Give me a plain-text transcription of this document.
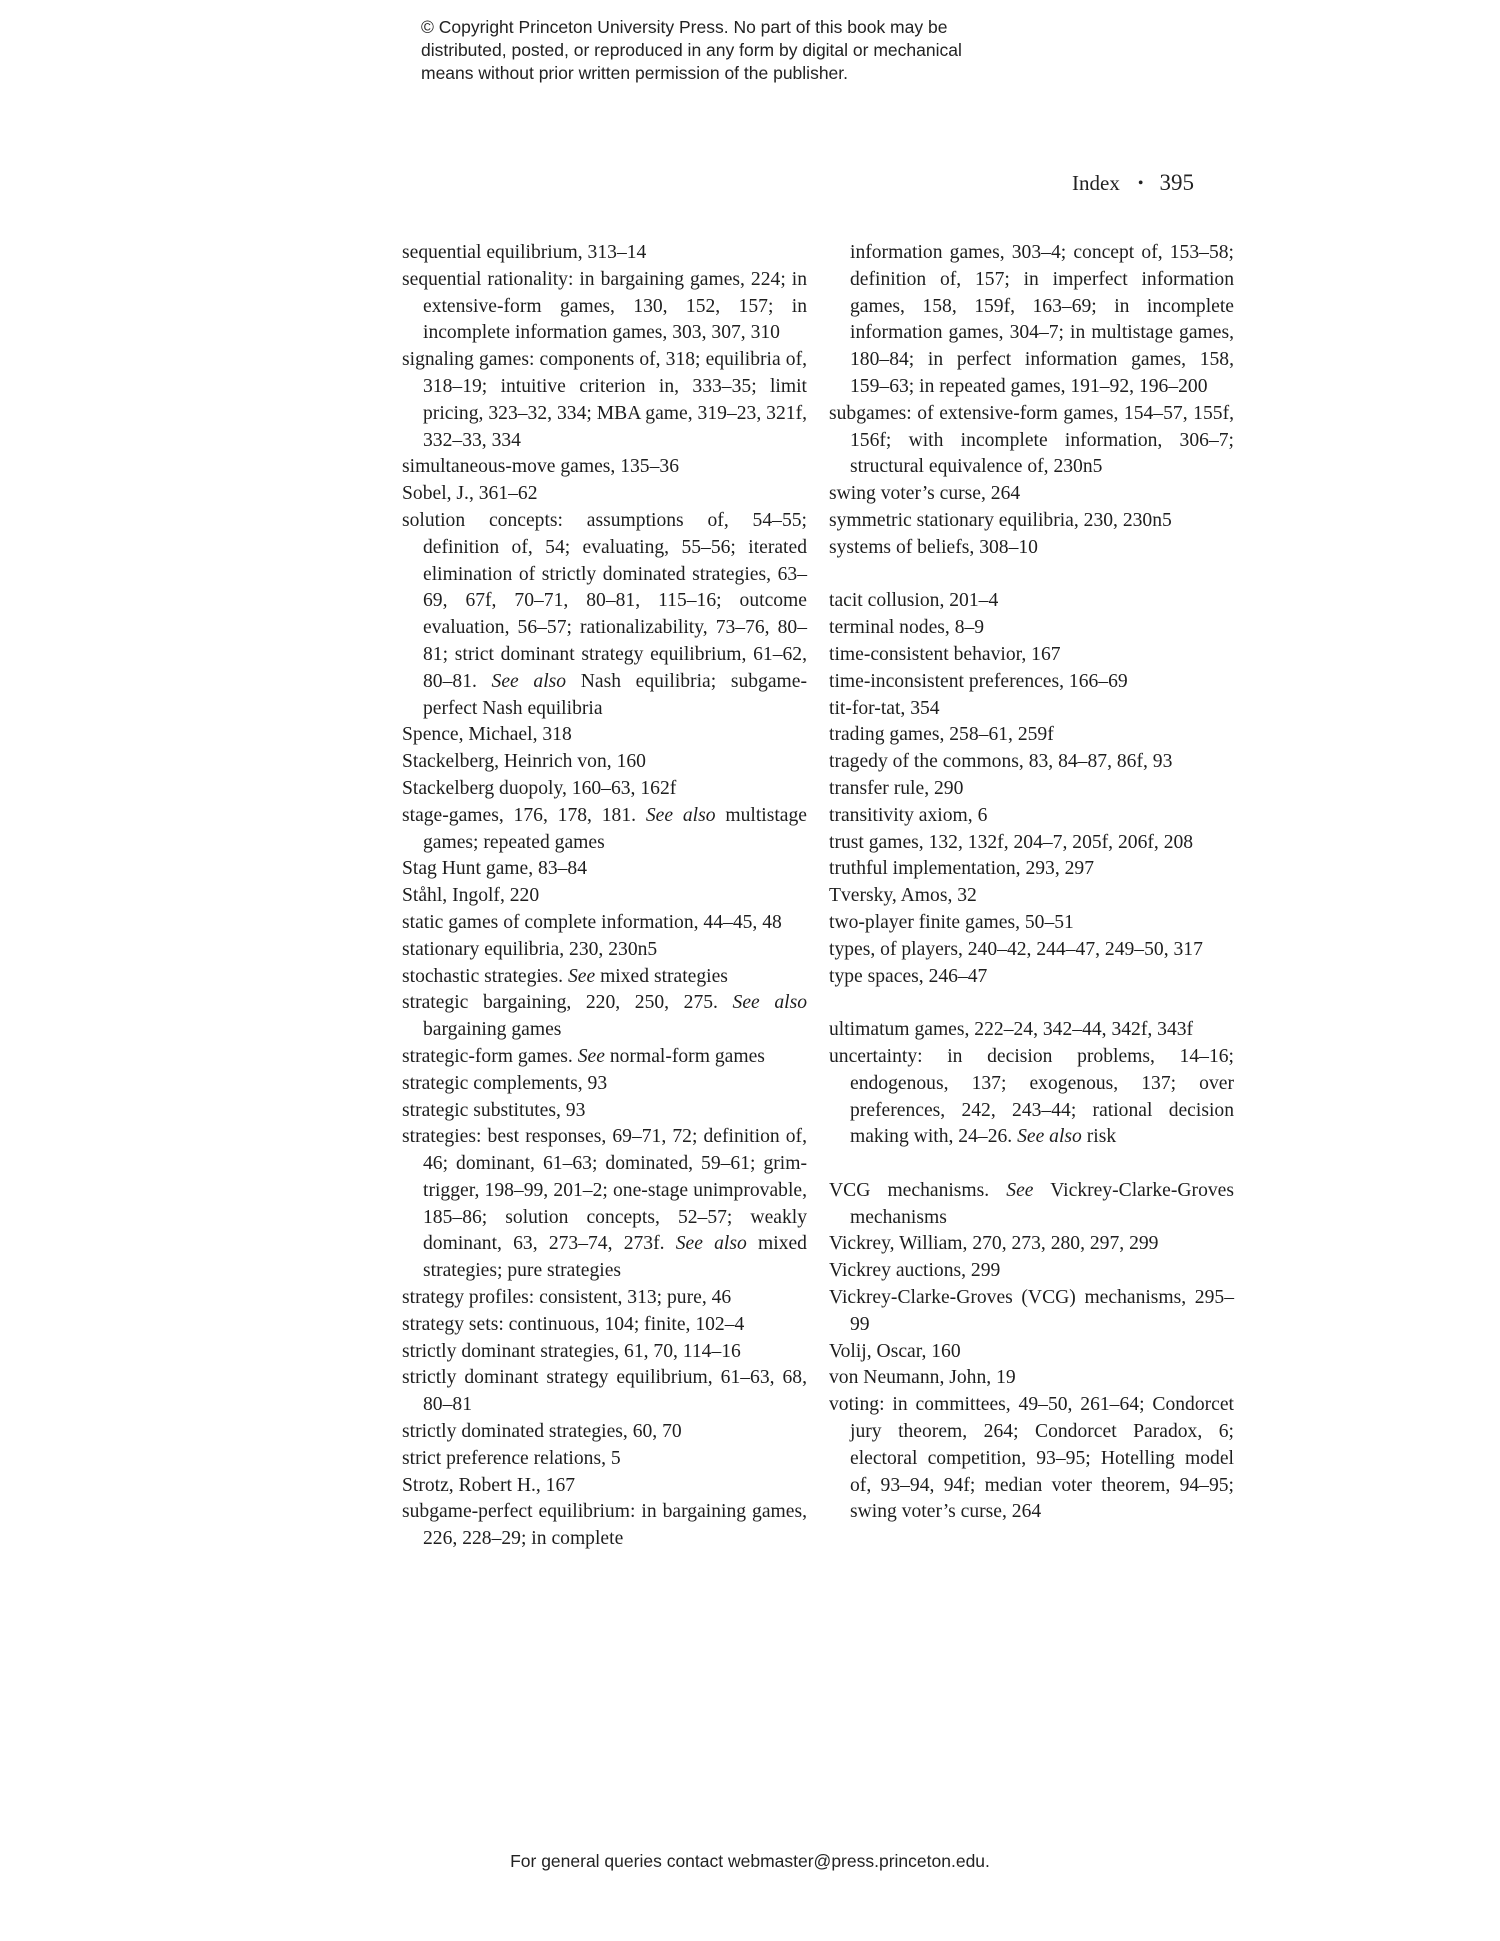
© Copyright Princeton University Press. No part of this book may be
distributed, posted, or reproduced in any form by digital or mechanical
means without prior written permission of the publisher.
Index • 395
sequential equilibrium, 313–14
sequential rationality: in bargaining games, 224; in extensive-form games, 130, 152, 157; in incomplete information games, 303, 307, 310
signaling games: components of, 318; equilibria of, 318–19; intuitive criterion in, 333–35; limit pricing, 323–32, 334; MBA game, 319–23, 321f, 332–33, 334
simultaneous-move games, 135–36
Sobel, J., 361–62
solution concepts: assumptions of, 54–55; definition of, 54; evaluating, 55–56; iterated elimination of strictly dominated strategies, 63–69, 67f, 70–71, 80–81, 115–16; outcome evaluation, 56–57; rationalizability, 73–76, 80–81; strict dominant strategy equilibrium, 61–62, 80–81. See also Nash equilibria; subgame-perfect Nash equilibria
Spence, Michael, 318
Stackelberg, Heinrich von, 160
Stackelberg duopoly, 160–63, 162f
stage-games, 176, 178, 181. See also multistage games; repeated games
Stag Hunt game, 83–84
Ståhl, Ingolf, 220
static games of complete information, 44–45, 48
stationary equilibria, 230, 230n5
stochastic strategies. See mixed strategies
strategic bargaining, 220, 250, 275. See also bargaining games
strategic-form games. See normal-form games
strategic complements, 93
strategic substitutes, 93
strategies: best responses, 69–71, 72; definition of, 46; dominant, 61–63; dominated, 59–61; grim-trigger, 198–99, 201–2; one-stage unimprovable, 185–86; solution concepts, 52–57; weakly dominant, 63, 273–74, 273f. See also mixed strategies; pure strategies
strategy profiles: consistent, 313; pure, 46
strategy sets: continuous, 104; finite, 102–4
strictly dominant strategies, 61, 70, 114–16
strictly dominant strategy equilibrium, 61–63, 68, 80–81
strictly dominated strategies, 60, 70
strict preference relations, 5
Strotz, Robert H., 167
subgame-perfect equilibrium: in bargaining games, 226, 228–29; in complete
information games, 303–4; concept of, 153–58; definition of, 157; in imperfect information games, 158, 159f, 163–69; in incomplete information games, 304–7; in multistage games, 180–84; in perfect information games, 158, 159–63; in repeated games, 191–92, 196–200
subgames: of extensive-form games, 154–57, 155f, 156f; with incomplete information, 306–7; structural equivalence of, 230n5
swing voter’s curse, 264
symmetric stationary equilibria, 230, 230n5
systems of beliefs, 308–10
tacit collusion, 201–4
terminal nodes, 8–9
time-consistent behavior, 167
time-inconsistent preferences, 166–69
tit-for-tat, 354
trading games, 258–61, 259f
tragedy of the commons, 83, 84–87, 86f, 93
transfer rule, 290
transitivity axiom, 6
trust games, 132, 132f, 204–7, 205f, 206f, 208
truthful implementation, 293, 297
Tversky, Amos, 32
two-player finite games, 50–51
types, of players, 240–42, 244–47, 249–50, 317
type spaces, 246–47
ultimatum games, 222–24, 342–44, 342f, 343f
uncertainty: in decision problems, 14–16; endogenous, 137; exogenous, 137; over preferences, 242, 243–44; rational decision making with, 24–26. See also risk
VCG mechanisms. See Vickrey-Clarke-Groves mechanisms
Vickrey, William, 270, 273, 280, 297, 299
Vickrey auctions, 299
Vickrey-Clarke-Groves (VCG) mechanisms, 295–99
Volij, Oscar, 160
von Neumann, John, 19
voting: in committees, 49–50, 261–64; Condorcet jury theorem, 264; Condorcet Paradox, 6; electoral competition, 93–95; Hotelling model of, 93–94, 94f; median voter theorem, 94–95; swing voter’s curse, 264
For general queries contact webmaster@press.princeton.edu.
